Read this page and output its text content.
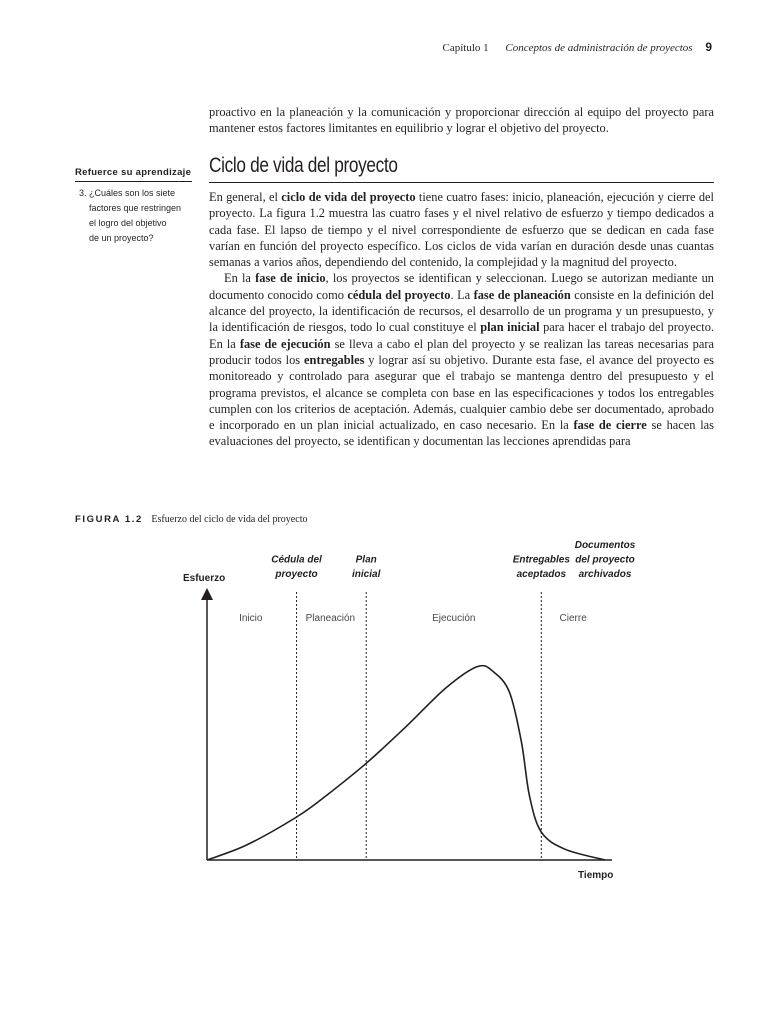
Capítulo 1 Conceptos de administración de proyectos 9

proactivo en la planeación y la comunicación y proporcionar dirección al equipo del proyecto para mantener estos factores limitantes en equilibrio y lograr el objetivo del proyecto.

Refuerce su aprendizaje
3. ¿Cuáles son los siete
factores que restringen
el logro del objetivo
de un proyecto?
Ciclo de vida del proyecto

En general, el ciclo de vida del proyecto tiene cuatro fases: inicio, planeación, ejecución y cierre del proyecto. La figura 1.2 muestra las cuatro fases y el nivel relativo de esfuerzo y tiempo dedicados a cada fase. El lapso de tiempo y el nivel correspondiente de esfuerzo que se dedican en cada fase varían en función del proyecto específico. Los ciclos de vida varían en duración desde unas cuantas semanas a varios años, dependiendo del contenido, la complejidad y la magnitud del proyecto.

En la fase de inicio, los proyectos se identifican y seleccionan. Luego se autorizan mediante un documento conocido como cédula del proyecto. La fase de planeación consiste en la definición del alcance del proyecto, la identificación de recursos, el desarrollo de un programa y un presupuesto, y la identificación de riesgos, todo lo cual constituye el plan inicial para hacer el trabajo del proyecto. En la fase de ejecución se lleva a cabo el plan del proyecto y se realizan las tareas necesarias para producir todos los entregables y lograr así su objetivo. Durante esta fase, el avance del proyecto es monitoreado y controlado para asegurar que el trabajo se mantenga dentro del presupuesto y el programa previstos, el alcance se completa con base en las especificaciones y todos los entregables cumplen con los criterios de aceptación. Además, cualquier cambio debe ser documentado, aprobado e incorporado en un plan inicial actualizado, en caso necesario. En la fase de cierre se hacen las evaluaciones del proyecto, se identifican y documentan las lecciones aprendidas para

FIGURA 1.2 Esfuerzo del ciclo de vida del proyecto
Cédula del
proyecto
Plan
inicial
Entregables
aceptados
Documentos
del proyecto
archivados
Inicio	Planeación	Ejecución	Cierre
Esfuerzo
Tiempo
